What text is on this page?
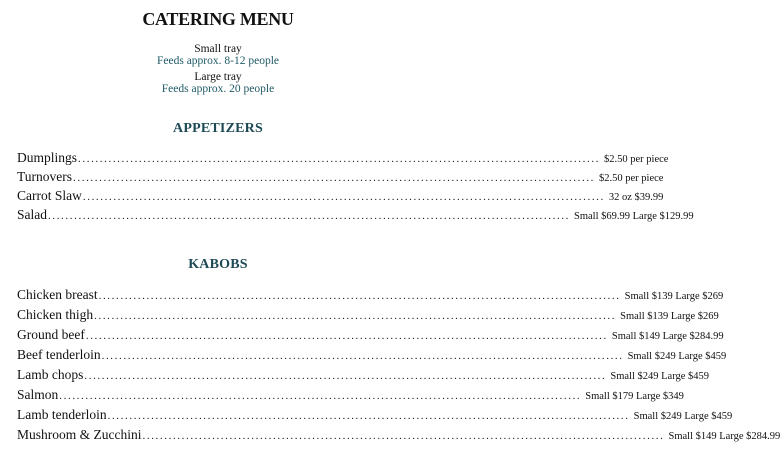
CATERING MENU
Small tray
Feeds approx. 8-12 people
Large tray
Feeds approx. 20 people
APPETIZERS
Dumplings ........................................................................................................................ $2.50 per piece
Turnovers ........................................................................................................................ $2.50 per piece
Carrot Slaw ........................................................................................................................ 32 oz $39.99
Salad ........................................................................................................................ Small $69.99 Large $129.99
KABOBS
Chicken breast ........................................................................................................................ Small $139 Large $269
Chicken thigh ........................................................................................................................ Small $139 Large $269
Ground beef ........................................................................................................................ Small $149 Large $284.99
Beef tenderloin ........................................................................................................................ Small $249 Large $459
Lamb chops ........................................................................................................................ Small $249 Large $459
Salmon ........................................................................................................................ Small $179 Large $349
Lamb tenderloin ........................................................................................................................ Small $249 Large $459
Mushroom & Zucchini ........................................................................................................................ Small $149 Large $284.99
